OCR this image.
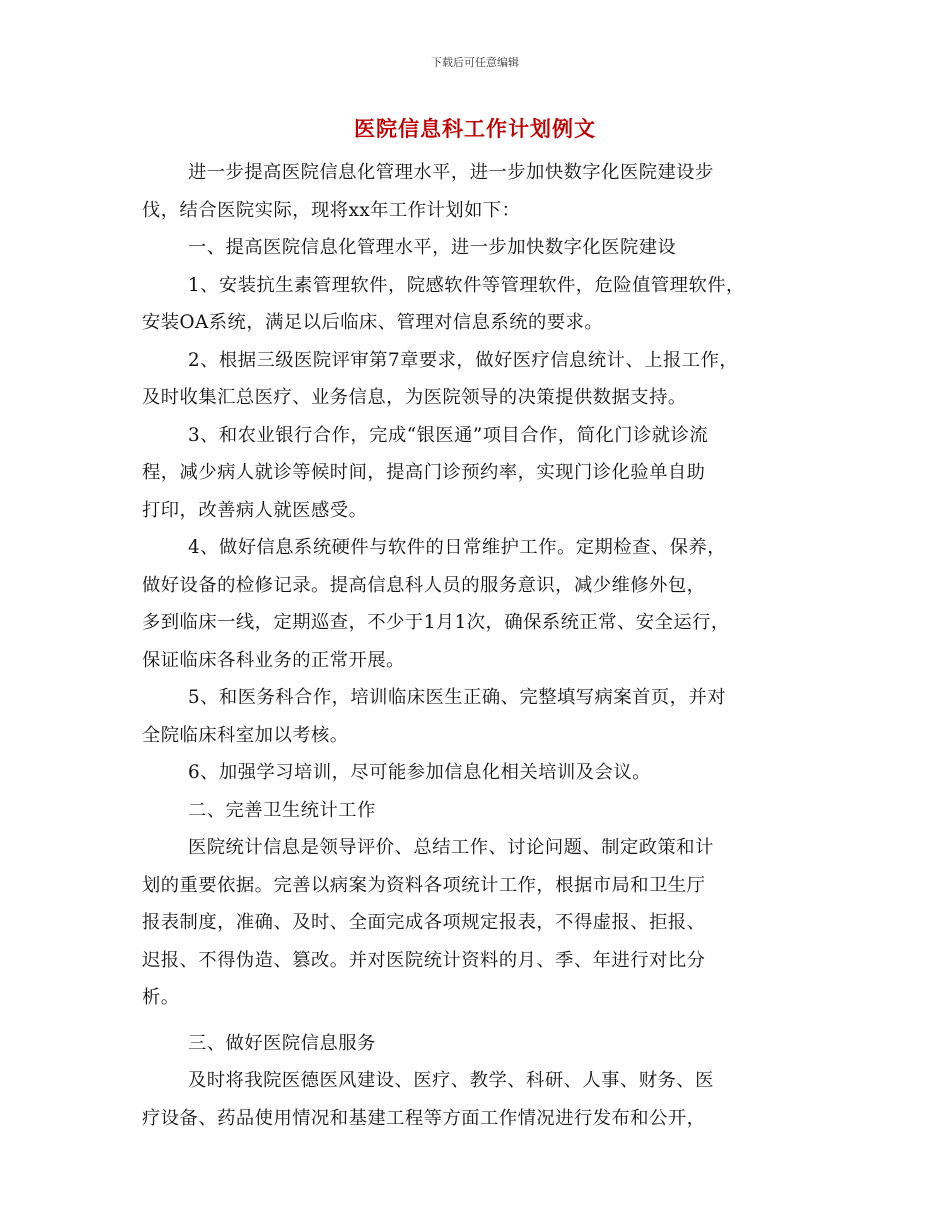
下载后可任意编辑
医院信息科工作计划例文
进一步提高医院信息化管理水平，进一步加快数字化医院建设步
伐，结合医院实际，现将xx年工作计划如下：
一、提高医院信息化管理水平，进一步加快数字化医院建设
1、安装抗生素管理软件，院感软件等管理软件，危险值管理软件，
安装OA系统，满足以后临床、管理对信息系统的要求。
2、根据三级医院评审第7章要求，做好医疗信息统计、上报工作，
及时收集汇总医疗、业务信息，为医院领导的决策提供数据支持。
3、和农业银行合作，完成“银医通”项目合作，简化门诊就诊流
程，减少病人就诊等候时间，提高门诊预约率，实现门诊化验单自助
打印，改善病人就医感受。
4、做好信息系统硬件与软件的日常维护工作。定期检查、保养，
做好设备的检修记录。提高信息科人员的服务意识，减少维修外包，
多到临床一线，定期巡查，不少于1月1次，确保系统正常、安全运行，
保证临床各科业务的正常开展。
5、和医务科合作，培训临床医生正确、完整填写病案首页，并对
全院临床科室加以考核。
6、加强学习培训，尽可能参加信息化相关培训及会议。
二、完善卫生统计工作
医院统计信息是领导评价、总结工作、讨论问题、制定政策和计
划的重要依据。完善以病案为资料各项统计工作，根据市局和卫生厅
报表制度，准确、及时、全面完成各项规定报表，不得虚报、拒报、
迟报、不得伪造、篡改。并对医院统计资料的月、季、年进行对比分
析。
三、做好医院信息服务
及时将我院医德医风建设、医疗、教学、科研、人事、财务、医
疗设备、药品使用情况和基建工程等方面工作情况进行发布和公开，
